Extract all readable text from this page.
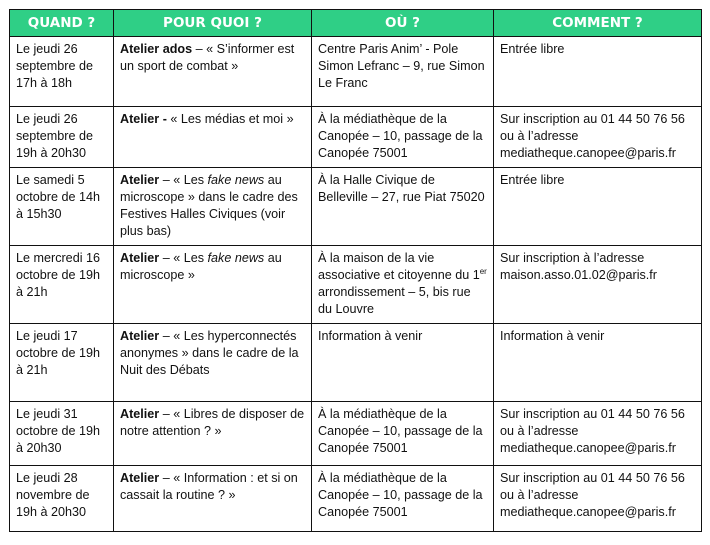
QUAND ?	POUR QUOI ?	OÙ ?	COMMENT ?
Le jeudi 26 septembre de 17h à 18h	Atelier ados – « S’informer est un sport de combat »	Centre Paris Anim’ - Pole Simon Lefranc – 9, rue Simon Le Franc	Entrée libre
Le jeudi 26 septembre de 19h à 20h30	Atelier - « Les médias et moi »	À la médiathèque de la Canopée – 10, passage de la Canopée 75001	Sur inscription au 01 44 50 76 56 ou à l’adresse mediatheque.canopee@paris.fr
Le samedi 5 octobre de 14h à 15h30	Atelier – « Les fake news au microscope » dans le cadre des Festives Halles Civiques (voir plus bas)	À la Halle Civique de Belleville – 27, rue Piat 75020	Entrée libre
Le mercredi 16 octobre de 19h à 21h	Atelier – « Les fake news au microscope »	À la maison de la vie associative et citoyenne du 1er arrondissement – 5, bis rue du Louvre	Sur inscription à l’adresse maison.asso.01.02@paris.fr
Le jeudi 17 octobre de 19h à 21h	Atelier – « Les hyperconnectés anonymes » dans le cadre de la Nuit des Débats	Information à venir	Information à venir
Le jeudi 31 octobre de 19h à 20h30	Atelier – « Libres de disposer de notre attention ? »	À la médiathèque de la Canopée – 10, passage de la Canopée 75001	Sur inscription au 01 44 50 76 56 ou à l’adresse mediatheque.canopee@paris.fr
Le jeudi 28 novembre de 19h à 20h30	Atelier – « Information : et si on cassait la routine ? »	À la médiathèque de la Canopée – 10, passage de la Canopée 75001	Sur inscription au 01 44 50 76 56 ou à l’adresse mediatheque.canopee@paris.fr
